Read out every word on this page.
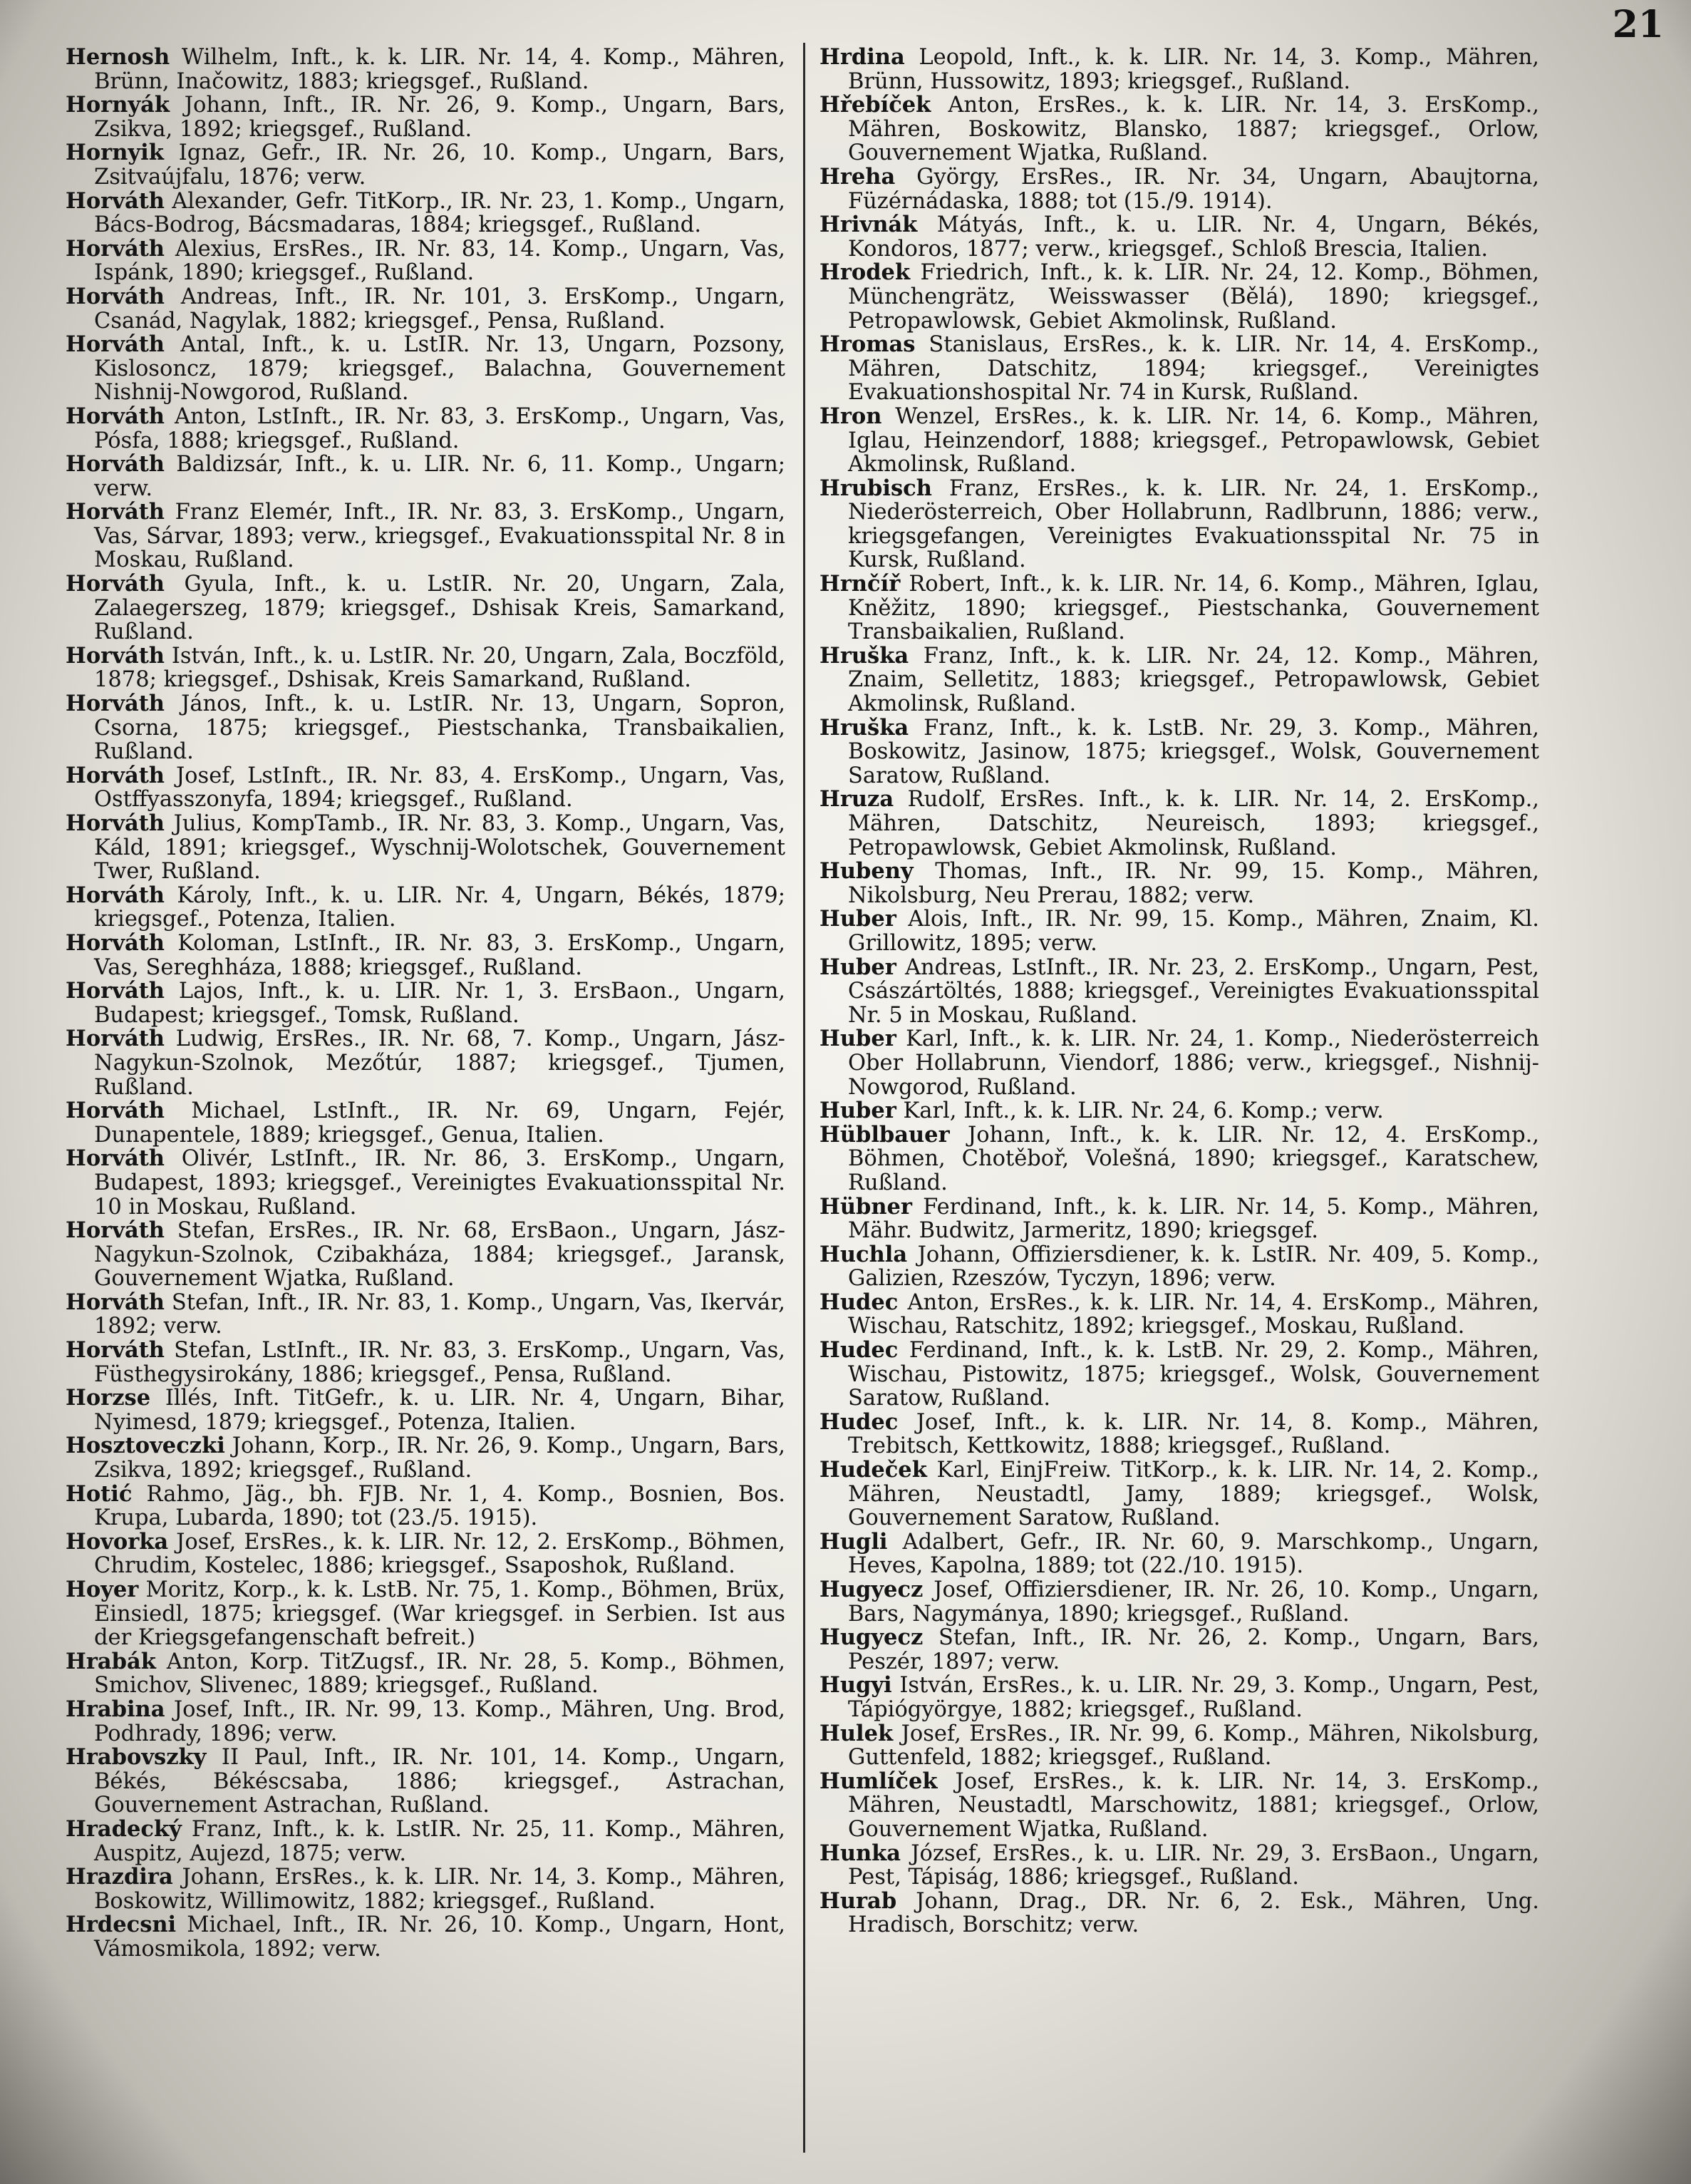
21

Hernosh Wilhelm, Inft., k. k. LIR. Nr. 14, 4. Komp., Mähren, Brünn, Inačowitz, 1883; kriegsgef., Rußland.

Hornyák Johann, Inft., IR. Nr. 26, 9. Komp., Ungarn, Bars, Zsikva, 1892; kriegsgef., Rußland.

Hornyik Ignaz, Gefr., IR. Nr. 26, 10. Komp., Ungarn, Bars, Zsitvaújfalu, 1876; verw.

Horváth Alexander, Gefr. TitKorp., IR. Nr. 23, 1. Komp., Ungarn, Bács-Bodrog, Bácsmadaras, 1884; kriegsgef., Rußland.

Horváth Alexius, ErsRes., IR. Nr. 83, 14. Komp., Ungarn, Vas, Ispánk, 1890; kriegsgef., Rußland.

Horváth Andreas, Inft., IR. Nr. 101, 3. ErsKomp., Ungarn, Csanád, Nagylak, 1882; kriegsgef., Pensa, Rußland.

Horváth Antal, Inft., k. u. LstIR. Nr. 13, Ungarn, Pozsony, Kislosoncz, 1879; kriegsgef., Balachna, Gouvernement Nishnij-Nowgorod, Rußland.

Horváth Anton, LstInft., IR. Nr. 83, 3. ErsKomp., Ungarn, Vas, Pósfa, 1888; kriegsgef., Rußland.

Horváth Baldizsár, Inft., k. u. LIR. Nr. 6, 11. Komp., Ungarn; verw.

Horváth Franz Elemér, Inft., IR. Nr. 83, 3. ErsKomp., Ungarn, Vas, Sárvar, 1893; verw., kriegsgef., Evakuationsspital Nr. 8 in Moskau, Rußland.

Horváth Gyula, Inft., k. u. LstIR. Nr. 20, Ungarn, Zala, Zalaegerszeg, 1879; kriegsgef., Dshisak Kreis, Samarkand, Rußland.

Horváth István, Inft., k. u. LstIR. Nr. 20, Ungarn, Zala, Boczföld, 1878; kriegsgef., Dshisak, Kreis Samarkand, Rußland.

Horváth János, Inft., k. u. LstIR. Nr. 13, Ungarn, Sopron, Csorna, 1875; kriegsgef., Piestschanka, Transbaikalien, Rußland.

Horváth Josef, LstInft., IR. Nr. 83, 4. ErsKomp., Ungarn, Vas, Ostffyasszonyfa, 1894; kriegsgef., Rußland.

Horváth Julius, KompTamb., IR. Nr. 83, 3. Komp., Ungarn, Vas, Káld, 1891; kriegsgef., Wyschnij-Wolotschek, Gouvernement Twer, Rußland.

Horváth Károly, Inft., k. u. LIR. Nr. 4, Ungarn, Békés, 1879; kriegsgef., Potenza, Italien.

Horváth Koloman, LstInft., IR. Nr. 83, 3. ErsKomp., Ungarn, Vas, Sereghháza, 1888; kriegsgef., Rußland.

Horváth Lajos, Inft., k. u. LIR. Nr. 1, 3. ErsBaon., Ungarn, Budapest; kriegsgef., Tomsk, Rußland.

Horváth Ludwig, ErsRes., IR. Nr. 68, 7. Komp., Ungarn, Jász-Nagykun-Szolnok, Mezőtúr, 1887; kriegsgef., Tjumen, Rußland.

Horváth Michael, LstInft., IR. Nr. 69, Ungarn, Fejér, Dunapentele, 1889; kriegsgef., Genua, Italien.

Horváth Olivér, LstInft., IR. Nr. 86, 3. ErsKomp., Ungarn, Budapest, 1893; kriegsgef., Vereinigtes Evakuationsspital Nr. 10 in Moskau, Rußland.

Horváth Stefan, ErsRes., IR. Nr. 68, ErsBaon., Ungarn, Jász-Nagykun-Szolnok, Czibakháza, 1884; kriegsgef., Jaransk, Gouvernement Wjatka, Rußland.

Horváth Stefan, Inft., IR. Nr. 83, 1. Komp., Ungarn, Vas, Ikervár, 1892; verw.

Horváth Stefan, LstInft., IR. Nr. 83, 3. ErsKomp., Ungarn, Vas, Füsthegysirokány, 1886; kriegsgef., Pensa, Rußland.

Horzse Illés, Inft. TitGefr., k. u. LIR. Nr. 4, Ungarn, Bihar, Nyimesd, 1879; kriegsgef., Potenza, Italien.

Hosztoveczki Johann, Korp., IR. Nr. 26, 9. Komp., Ungarn, Bars, Zsikva, 1892; kriegsgef., Rußland.

Hotić Rahmo, Jäg., bh. FJB. Nr. 1, 4. Komp., Bosnien, Bos. Krupa, Lubarda, 1890; tot (23./5. 1915).

Hovorka Josef, ErsRes., k. k. LIR. Nr. 12, 2. ErsKomp., Böhmen, Chrudim, Kostelec, 1886; kriegsgef., Ssaposhok, Rußland.

Hoyer Moritz, Korp., k. k. LstB. Nr. 75, 1. Komp., Böhmen, Brüx, Einsiedl, 1875; kriegsgef. (War kriegsgef. in Serbien. Ist aus der Kriegsgefangenschaft befreit.)

Hrabák Anton, Korp. TitZugsf., IR. Nr. 28, 5. Komp., Böhmen, Smichov, Slivenec, 1889; kriegsgef., Rußland.

Hrabina Josef, Inft., IR. Nr. 99, 13. Komp., Mähren, Ung. Brod, Podhrady, 1896; verw.

Hrabovszky II Paul, Inft., IR. Nr. 101, 14. Komp., Ungarn, Békés, Békéscsaba, 1886; kriegsgef., Astrachan, Gouvernement Astrachan, Rußland.

Hradecký Franz, Inft., k. k. LstIR. Nr. 25, 11. Komp., Mähren, Auspitz, Aujezd, 1875; verw.

Hrazdira Johann, ErsRes., k. k. LIR. Nr. 14, 3. Komp., Mähren, Boskowitz, Willimowitz, 1882; kriegsgef., Rußland.

Hrdecsni Michael, Inft., IR. Nr. 26, 10. Komp., Ungarn, Hont, Vámosmikola, 1892; verw.

Hrdina Leopold, Inft., k. k. LIR. Nr. 14, 3. Komp., Mähren, Brünn, Hussowitz, 1893; kriegsgef., Rußland.

Hřebíček Anton, ErsRes., k. k. LIR. Nr. 14, 3. ErsKomp., Mähren, Boskowitz, Blansko, 1887; kriegsgef., Orlow, Gouvernement Wjatka, Rußland.

Hreha György, ErsRes., IR. Nr. 34, Ungarn, Abaujtorna, Füzérnádaska, 1888; tot (15./9. 1914).

Hrivnák Mátyás, Inft., k. u. LIR. Nr. 4, Ungarn, Békés, Kondoros, 1877; verw., kriegsgef., Schloß Brescia, Italien.

Hrodek Friedrich, Inft., k. k. LIR. Nr. 24, 12. Komp., Böhmen, Münchengrätz, Weisswasser (Bělá), 1890; kriegsgef., Petropawlowsk, Gebiet Akmolinsk, Rußland.

Hromas Stanislaus, ErsRes., k. k. LIR. Nr. 14, 4. ErsKomp., Mähren, Datschitz, 1894; kriegsgef., Vereinigtes Evakuationshospital Nr. 74 in Kursk, Rußland.

Hron Wenzel, ErsRes., k. k. LIR. Nr. 14, 6. Komp., Mähren, Iglau, Heinzendorf, 1888; kriegsgef., Petropawlowsk, Gebiet Akmolinsk, Rußland.

Hrubisch Franz, ErsRes., k. k. LIR. Nr. 24, 1. ErsKomp., Niederösterreich, Ober Hollabrunn, Radlbrunn, 1886; verw., kriegsgefangen, Vereinigtes Evakuationsspital Nr. 75 in Kursk, Rußland.

Hrnčíř Robert, Inft., k. k. LIR. Nr. 14, 6. Komp., Mähren, Iglau, Kněžitz, 1890; kriegsgef., Piestschanka, Gouvernement Transbaikalien, Rußland.

Hruška Franz, Inft., k. k. LIR. Nr. 24, 12. Komp., Mähren, Znaim, Selletitz, 1883; kriegsgef., Petropawlowsk, Gebiet Akmolinsk, Rußland.

Hruška Franz, Inft., k. k. LstB. Nr. 29, 3. Komp., Mähren, Boskowitz, Jasinow, 1875; kriegsgef., Wolsk, Gouvernement Saratow, Rußland.

Hruza Rudolf, ErsRes. Inft., k. k. LIR. Nr. 14, 2. ErsKomp., Mähren, Datschitz, Neureisch, 1893; kriegsgef., Petropawlowsk, Gebiet Akmolinsk, Rußland.

Hubeny Thomas, Inft., IR. Nr. 99, 15. Komp., Mähren, Nikolsburg, Neu Prerau, 1882; verw.

Huber Alois, Inft., IR. Nr. 99, 15. Komp., Mähren, Znaim, Kl. Grillowitz, 1895; verw.

Huber Andreas, LstInft., IR. Nr. 23, 2. ErsKomp., Ungarn, Pest, Császártöltés, 1888; kriegsgef., Vereinigtes Evakuationsspital Nr. 5 in Moskau, Rußland.

Huber Karl, Inft., k. k. LIR. Nr. 24, 1. Komp., Niederösterreich Ober Hollabrunn, Viendorf, 1886; verw., kriegsgef., Nishnij-Nowgorod, Rußland.

Huber Karl, Inft., k. k. LIR. Nr. 24, 6. Komp.; verw.

Hüblbauer Johann, Inft., k. k. LIR. Nr. 12, 4. ErsKomp., Böhmen, Chotěboř, Volešná, 1890; kriegsgef., Karatschew, Rußland.

Hübner Ferdinand, Inft., k. k. LIR. Nr. 14, 5. Komp., Mähren, Mähr. Budwitz, Jarmeritz, 1890; kriegsgef.

Huchla Johann, Offiziersdiener, k. k. LstIR. Nr. 409, 5. Komp., Galizien, Rzeszów, Tyczyn, 1896; verw.

Hudec Anton, ErsRes., k. k. LIR. Nr. 14, 4. ErsKomp., Mähren, Wischau, Ratschitz, 1892; kriegsgef., Moskau, Rußland.

Hudec Ferdinand, Inft., k. k. LstB. Nr. 29, 2. Komp., Mähren, Wischau, Pistowitz, 1875; kriegsgef., Wolsk, Gouvernement Saratow, Rußland.

Hudec Josef, Inft., k. k. LIR. Nr. 14, 8. Komp., Mähren, Trebitsch, Kettkowitz, 1888; kriegsgef., Rußland.

Hudeček Karl, EinjFreiw. TitKorp., k. k. LIR. Nr. 14, 2. Komp., Mähren, Neustadtl, Jamy, 1889; kriegsgef., Wolsk, Gouvernement Saratow, Rußland.

Hugli Adalbert, Gefr., IR. Nr. 60, 9. Marschkomp., Ungarn, Heves, Kapolna, 1889; tot (22./10. 1915).

Hugyecz Josef, Offiziersdiener, IR. Nr. 26, 10. Komp., Ungarn, Bars, Nagymánya, 1890; kriegsgef., Rußland.

Hugyecz Stefan, Inft., IR. Nr. 26, 2. Komp., Ungarn, Bars, Peszér, 1897; verw.

Hugyi István, ErsRes., k. u. LIR. Nr. 29, 3. Komp., Ungarn, Pest, Tápiógyörgye, 1882; kriegsgef., Rußland.

Hulek Josef, ErsRes., IR. Nr. 99, 6. Komp., Mähren, Nikolsburg, Guttenfeld, 1882; kriegsgef., Rußland.

Humlíček Josef, ErsRes., k. k. LIR. Nr. 14, 3. ErsKomp., Mähren, Neustadtl, Marschowitz, 1881; kriegsgef., Orlow, Gouvernement Wjatka, Rußland.

Hunka József, ErsRes., k. u. LIR. Nr. 29, 3. ErsBaon., Ungarn, Pest, Tápiság, 1886; kriegsgef., Rußland.

Hurab Johann, Drag., DR. Nr. 6, 2. Esk., Mähren, Ung. Hradisch, Borschitz; verw.
